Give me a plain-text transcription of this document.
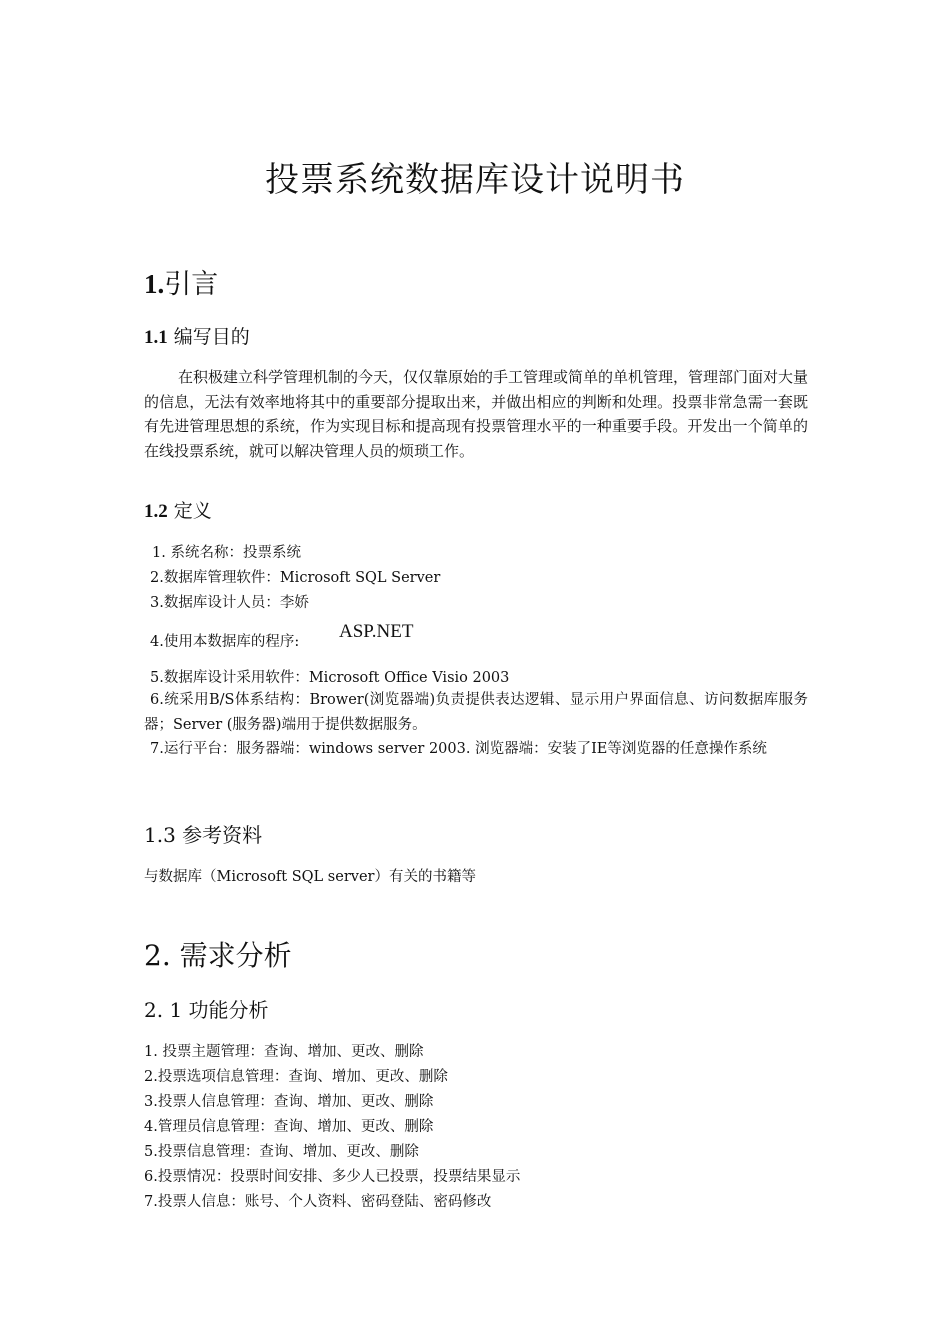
投票系统数据库设计说明书
1.引言
1.1 编写目的
在积极建立科学管理机制的今天，仅仅靠原始的手工管理或简单的单机管理，管理部门面对大量的信息，无法有效率地将其中的重要部分提取出来，并做出相应的判断和处理。投票非常急需一套既有先进管理思想的系统，作为实现目标和提高现有投票管理水平的一种重要手段。开发出一个简单的在线投票系统，就可以解决管理人员的烦琐工作。
1.2 定义
1. 系统名称：投票系统
2.数据库管理软件：Microsoft SQL Server
3.数据库设计人员：李娇
4.使用本数据库的程序: ASP.NET
5.数据库设计采用软件：Microsoft Office Visio 2003
6.统采用B/S体系结构：Brower(浏览器端)负责提供表达逻辑、显示用户界面信息、访问数据库服务器；Server (服务器)端用于提供数据服务。
7.运行平台：服务器端：windows server 2003. 浏览器端：安装了IE等浏览器的任意操作系统
1.3 参考资料
与数据库（Microsoft SQL server）有关的书籍等
2. 需求分析
2. 1 功能分析
1. 投票主题管理：查询、增加、更改、删除
2.投票选项信息管理：查询、增加、更改、删除
3.投票人信息管理：查询、增加、更改、删除
4.管理员信息管理：查询、增加、更改、删除
5.投票信息管理：查询、增加、更改、删除
6.投票情况：投票时间安排、多少人已投票，投票结果显示
7.投票人信息：账号、个人资料、密码登陆、密码修改
